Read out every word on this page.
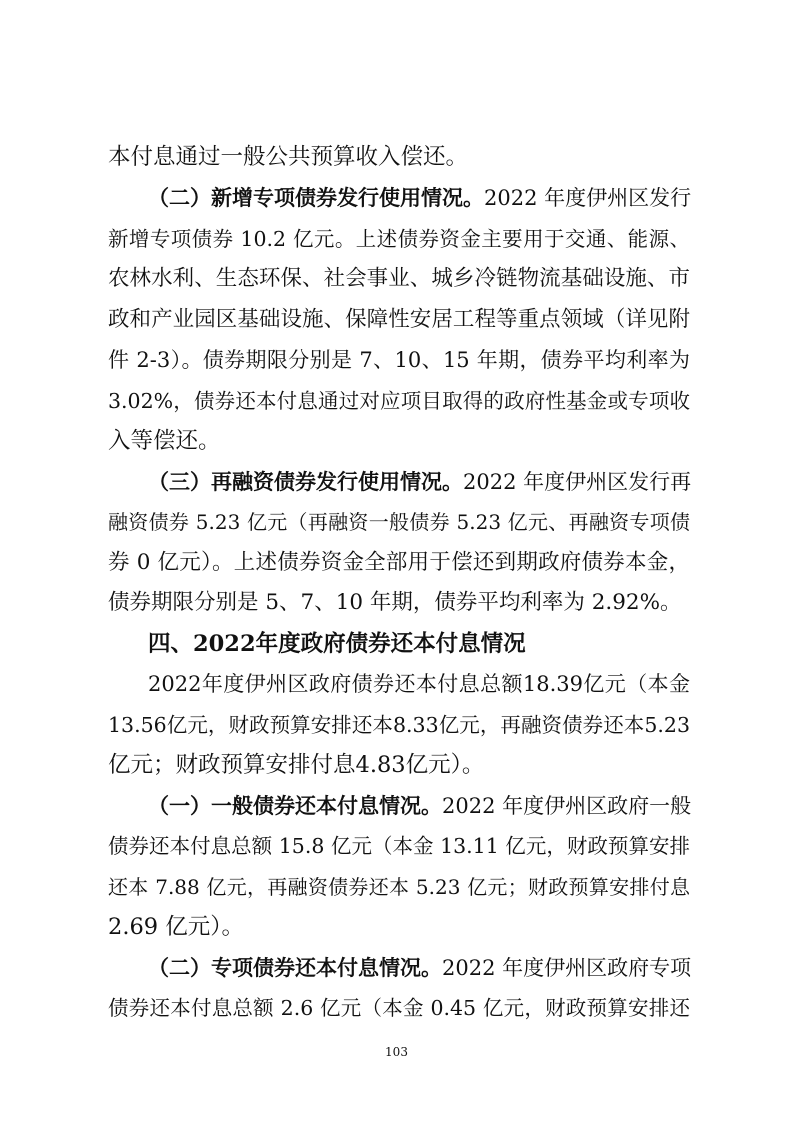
本付息通过一般公共预算收入偿还。
（二）新增专项债券发行使用情况。2022 年度伊州区发行
新增专项债券 10.2 亿元。上述债券资金主要用于交通、能源、
农林水利、生态环保、社会事业、城乡冷链物流基础设施、市
政和产业园区基础设施、保障性安居工程等重点领域（详见附
件 2-3）。债券期限分别是 7、10、15 年期，债券平均利率为
3.02%，债券还本付息通过对应项目取得的政府性基金或专项收
入等偿还。
（三）再融资债券发行使用情况。2022 年度伊州区发行再
融资债券 5.23 亿元（再融资一般债券 5.23 亿元、再融资专项债
券 0 亿元）。上述债券资金全部用于偿还到期政府债券本金，
债券期限分别是 5、7、10 年期，债券平均利率为 2.92%。
四、2022年度政府债券还本付息情况
2022年度伊州区政府债券还本付息总额18.39亿元（本金
13.56亿元，财政预算安排还本8.33亿元，再融资债券还本5.23
亿元；财政预算安排付息4.83亿元）。
（一）一般债券还本付息情况。2022 年度伊州区政府一般
债券还本付息总额 15.8 亿元（本金 13.11 亿元，财政预算安排
还本 7.88 亿元，再融资债券还本 5.23 亿元；财政预算安排付息
2.69 亿元）。
（二）专项债券还本付息情况。2022 年度伊州区政府专项
债券还本付息总额 2.6 亿元（本金 0.45 亿元，财政预算安排还
103
